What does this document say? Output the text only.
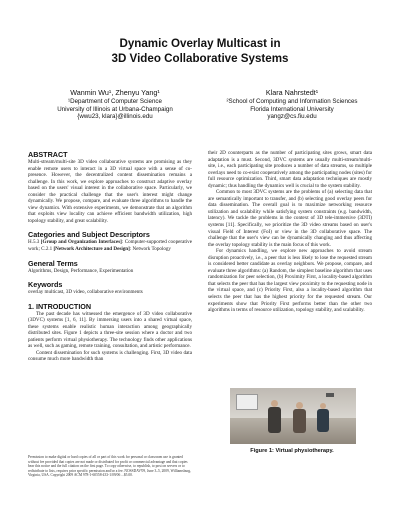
Dynamic Overlay Multicast in
3D Video Collaborative Systems
Wanmin Wu¹, Zhenyu Yang¹
¹Department of Computer Science
University of Illinois at Urbana-Champaign
{wwu23, klara}@illinois.edu
Klara Nahrstedt¹
²School of Computing and Information Sciences
Florida International University
yangz@cs.fiu.edu
ABSTRACT

Multi-stream/multi-site 3D video collaborative systems are promising as they enable remote users to interact in a 3D virtual space with a sense of co-presence. However, the decentralized content dissemination remains a challenge. In this work, we explore approaches to construct adaptive overlay based on the users' visual interest in the collaborative space. Particularly, we consider the practical challenge that the user's interest might change dynamically. We propose, compare, and evaluate three algorithms to handle the view dynamics. With extensive experiments, we demonstrate that an algorithm that exploits view locality can achieve efficient bandwidth utilization, high topology stability, and great scalability.

Categories and Subject Descriptors

H.5.3 [Group and Organization Interfaces]: Computer-supported cooperative work; C.2.1 [Network Architecture and Design]: Network Topology

General Terms

Algorithms, Design, Performance, Experimentation

Keywords

overlay multicast, 3D video, collaborative environments

1. INTRODUCTION

The past decade has witnessed the emergence of 3D video collaborative (3DVC) systems [1, 6, 11]. By immersing users into a shared virtual space, these systems enable realistic human interaction among geographically distributed sites. Figure 1 depicts a three-site session where a doctor and two patients perform virtual physiotherapy. The technology finds other applications as well, such as gaming, remote training, consultation, and artistic performance.

Content dissemination for such systems is challenging. First, 3D video data consume much more bandwidth than

Permission to make digital or hard copies of all or part of this work for personal or classroom use is granted without fee provided that copies are not made or distributed for profit or commercial advantage and that copies bear this notice and the full citation on the first page. To copy otherwise, to republish, to post on servers or to redistribute to lists, requires prior specific permission and/or a fee. NOSSDAV'09, June 3–5, 2009, Williamsburg, Virginia, USA. Copyright 2009 ACM 978-1-60558-433-1/09/06 ...$5.00.

their 2D counterparts as the number of participating sites grows, smart data adaptation is a must. Second, 3DVC systems are usually multi-stream/multi-site, i.e., each participating site produces a number of data streams, so multiple overlays need to co-exist cooperatively among the participating nodes (sites) for full resource optimization. Third, smart data adaptation techniques are mostly dynamic; thus handling the dynamics well is crucial to the system stability.

Common to most 3DVC systems are the problems of (a) selecting data that are semantically important to transfer, and (b) selecting good overlay peers for data dissemination. The overall goal is to maximize networking resource utilization and scalability while satisfying system constraints (e.g. bandwidth, latency). We tackle the problems in the context of 3D tele-immersive (3DTI) systems [11]. Specifically, we prioritize the 3D video streams based on user's visual Field of Interest (FoI) or view in the 3D collaborative space. The challenge that the user's view can be dynamically changing and thus affecting the overlay topology stability is the main focus of this work.

For dynamics handling, we explore new approaches to avoid stream disruption proactively, i.e., a peer that is less likely to lose the requested stream is considered better candidate as overlay neighbors. We propose, compare, and evaluate three algorithms: (a) Random, the simplest baseline algorithm that uses randomization for peer selection, (b) Proximity First, a locality-based algorithm that selects the peer that has the largest view proximity to the requesting node in the virtual space, and (c) Priority First, also a locality-based algorithm that selects the peer that has the highest priority for the requested stream. Our experiments show that Priority First performs better than the other two algorithms in terms of resource utilization, topology stability, and scalability.

Figure 1: Virtual physiotherapy.
